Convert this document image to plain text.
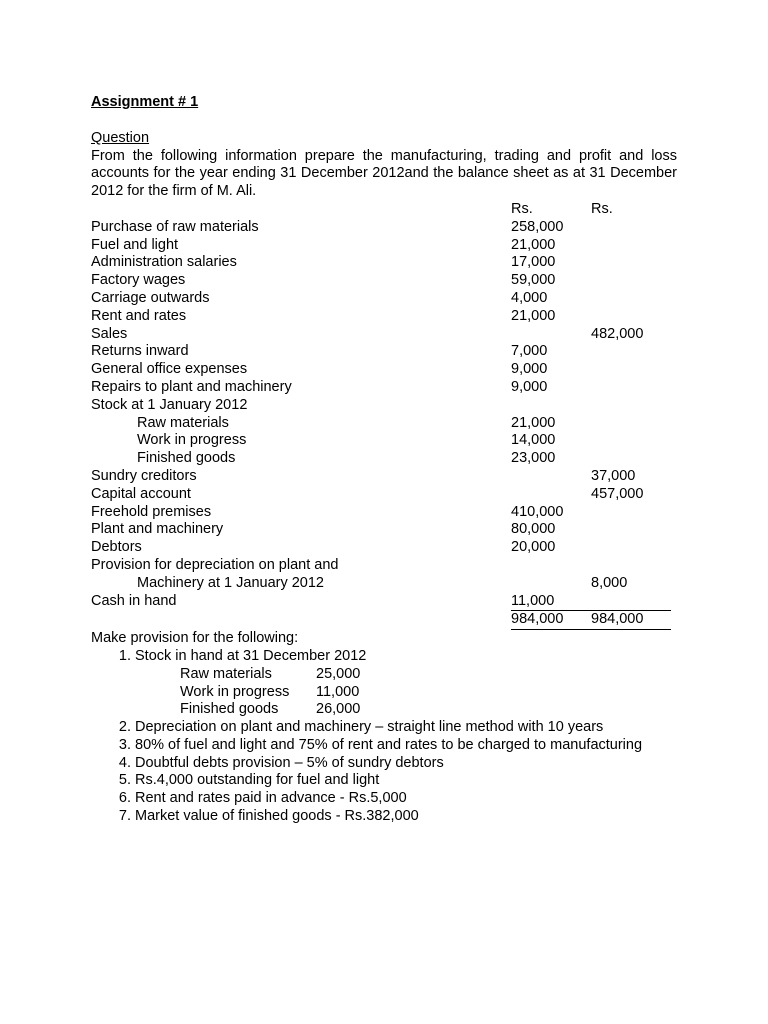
Assignment # 1
Question
From the following information prepare the manufacturing, trading and profit and loss accounts for the year ending 31 December 2012and the balance sheet as at 31 December 2012 for the firm of M. Ali.
	Rs.	Rs.
Purchase of raw materials	258,000	
Fuel and light	21,000	
Administration salaries	17,000	
Factory wages	59,000	
Carriage outwards	4,000	
Rent and rates	21,000	
Sales		482,000
Returns inward	7,000	
General office expenses	9,000	
Repairs to plant and machinery	9,000	
Stock at 1 January 2012		
Raw materials	21,000	
Work in progress	14,000	
Finished goods	23,000	
Sundry creditors		37,000
Capital account		457,000
Freehold premises	410,000	
Plant and machinery	80,000	
Debtors	20,000	
Provision for depreciation on plant and		
Machinery at 1 January 2012		8,000
Cash in hand	11,000	
	984,000	984,000
Make provision for the following:
1. Stock in hand at 31 December 2012
Raw materials	25,000
Work in progress	11,000
Finished goods	26,000
2. Depreciation on plant and machinery – straight line method with 10 years
3. 80% of fuel and light and 75% of rent and rates to be charged to manufacturing
4. Doubtful debts provision – 5% of sundry debtors
5. Rs.4,000 outstanding for fuel and light
6. Rent and rates paid in advance - Rs.5,000
7. Market value of finished goods - Rs.382,000
